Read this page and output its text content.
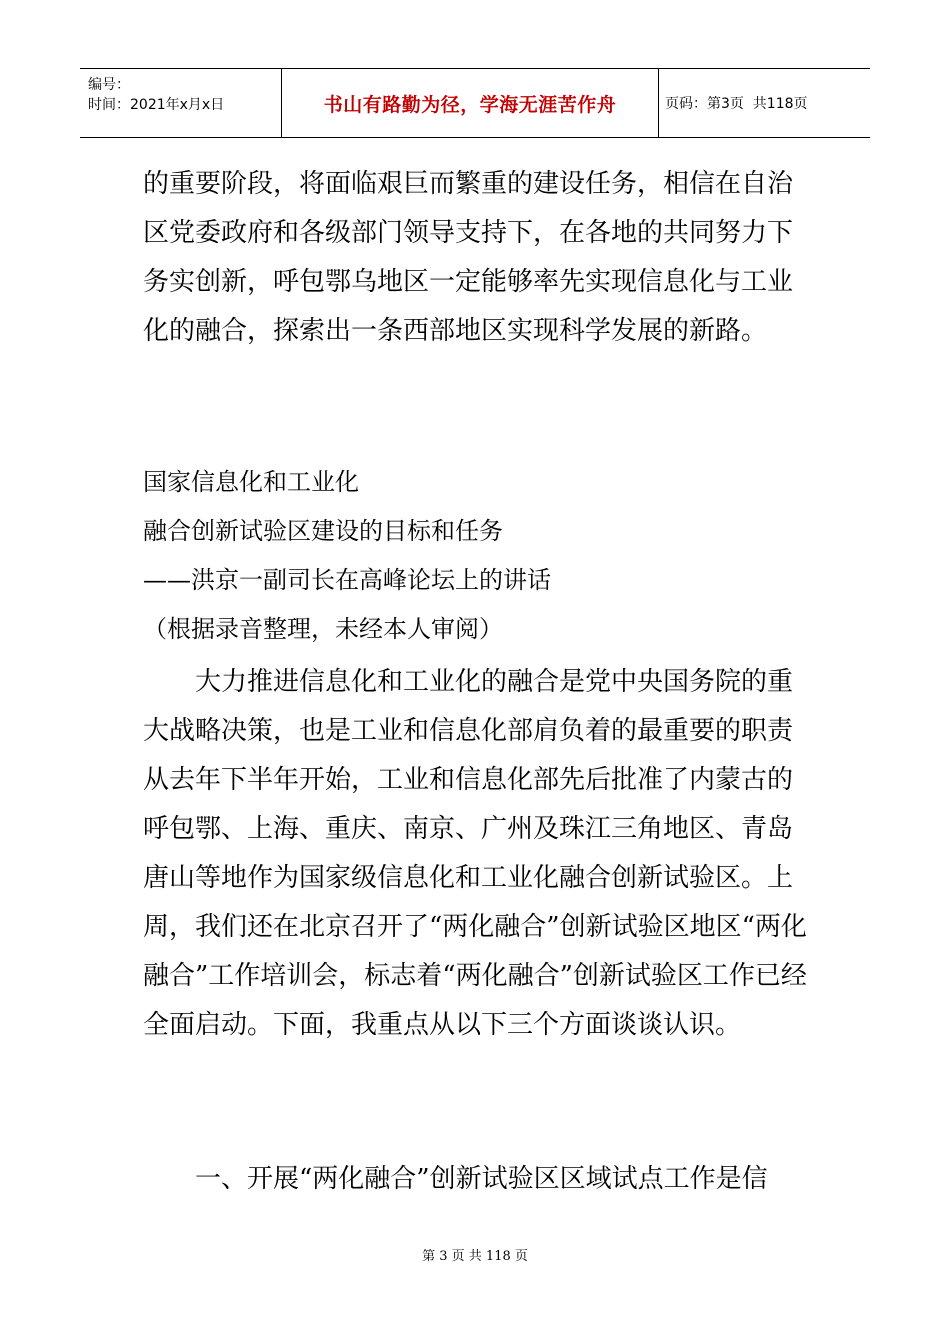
编号：
时间：2021年x月x日	书山有路勤为径，学海无涯苦作舟	页码：第3页  共118页

的重要阶段，将面临艰巨而繁重的建设任务，相信在自治区党委政府和各级部门领导支持下，在各地的共同努力下务实创新，呼包鄂乌地区一定能够率先实现信息化与工业化的融合，探索出一条西部地区实现科学发展的新路。

国家信息化和工业化
融合创新试验区建设的目标和任务
——洪京一副司长在高峰论坛上的讲话
（根据录音整理，未经本人审阅）

大力推进信息化和工业化的融合是党中央国务院的重大战略决策，也是工业和信息化部肩负着的最重要的职责从去年下半年开始，工业和信息化部先后批准了内蒙古的呼包鄂、上海、重庆、南京、广州及珠江三角地区、青岛唐山等地作为国家级信息化和工业化融合创新试验区。上周，我们还在北京召开了“两化融合”创新试验区地区“两化融合”工作培训会，标志着“两化融合”创新试验区工作已经全面启动。下面，我重点从以下三个方面谈谈认识。

一、开展“两化融合”创新试验区区域试点工作是信

第 3 页 共 118 页
